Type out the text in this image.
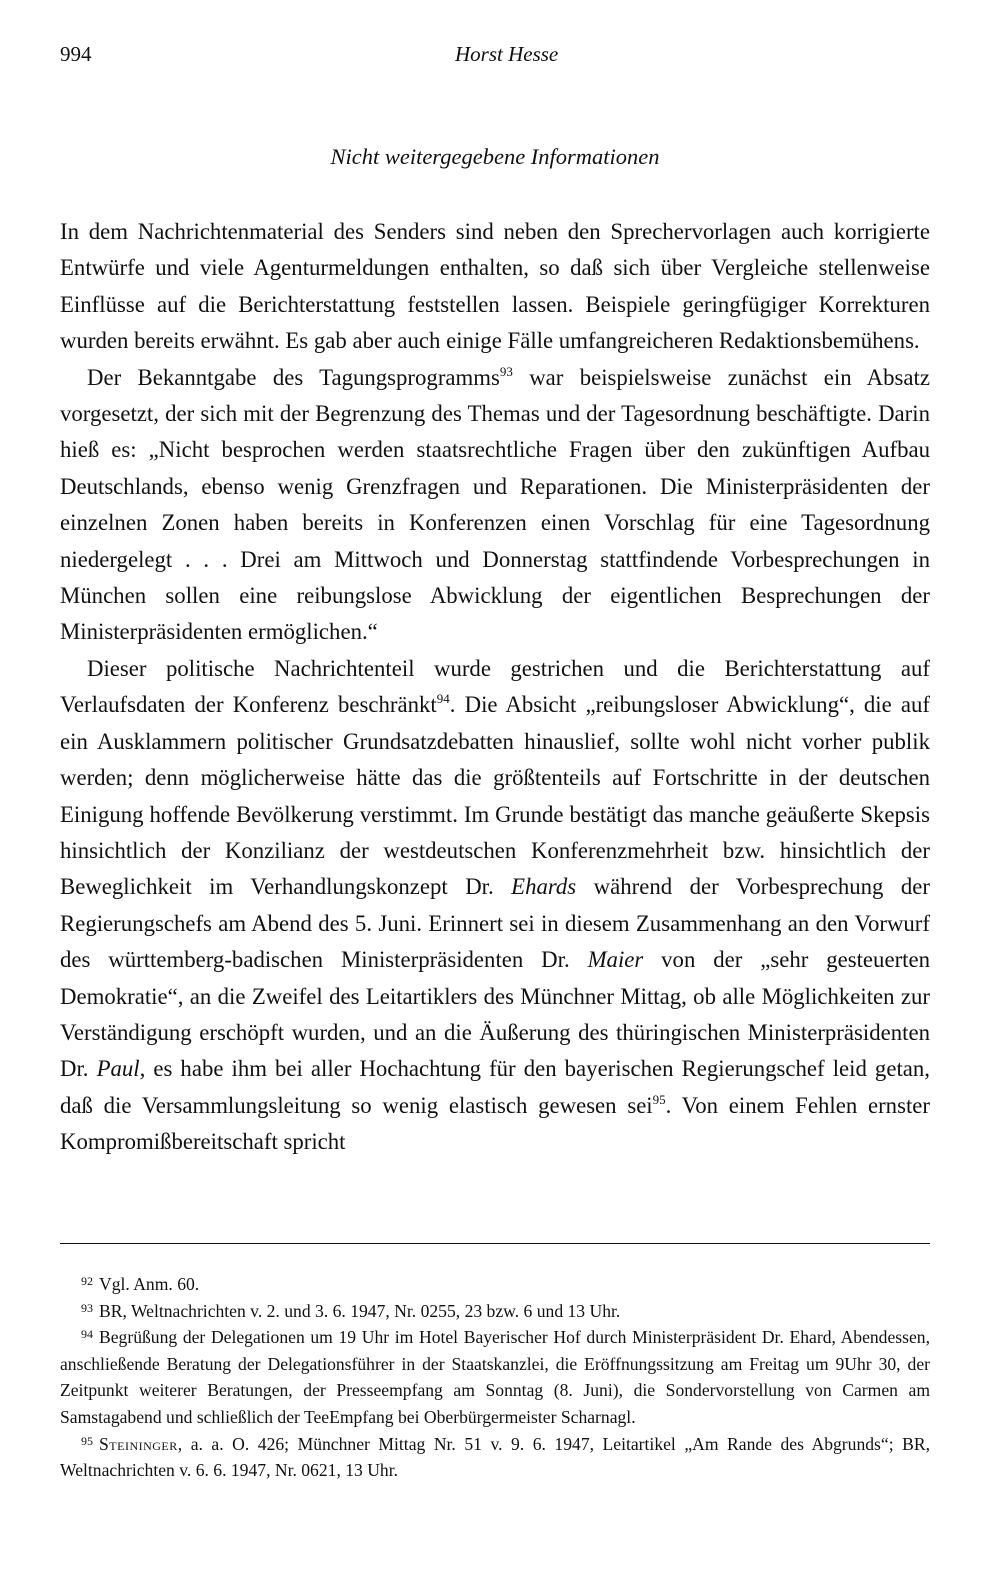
994	Horst Hesse
Nicht weitergegebene Informationen

In dem Nachrichtenmaterial des Senders sind neben den Sprechervorlagen auch korrigierte Entwürfe und viele Agenturmeldungen enthalten, so daß sich über Vergleiche stellenweise Einflüsse auf die Berichterstattung feststellen lassen. Beispiele geringfügiger Korrekturen wurden bereits erwähnt. Es gab aber auch einige Fälle umfangreicheren Redaktionsbemühens.

Der Bekanntgabe des Tagungsprogramms$^{93}$ war beispielsweise zunächst ein Absatz vorgesetzt, der sich mit der Begrenzung des Themas und der Tagesordnung beschäftigte. Darin hieß es: „Nicht besprochen werden staatsrechtliche Fragen über den zukünftigen Aufbau Deutschlands, ebenso wenig Grenzfragen und Reparationen. Die Ministerpräsidenten der einzelnen Zonen haben bereits in Konferenzen einen Vorschlag für eine Tagesordnung niedergelegt . . . Drei am Mittwoch und Donnerstag stattfindende Vorbesprechungen in München sollen eine reibungslose Abwicklung der eigentlichen Besprechungen der Ministerpräsidenten ermöglichen.“

Dieser politische Nachrichtenteil wurde gestrichen und die Berichterstattung auf Verlaufsdaten der Konferenz beschränkt$^{94}$. Die Absicht „reibungsloser Abwicklung“, die auf ein Ausklammern politischer Grundsatzdebatten hinauslief, sollte wohl nicht vorher publik werden; denn möglicherweise hätte das die größtenteils auf Fortschritte in der deutschen Einigung hoffende Bevölkerung verstimmt. Im Grunde bestätigt das manche geäußerte Skepsis hinsichtlich der Konzilianz der westdeutschen Konferenzmehrheit bzw. hinsichtlich der Beweglichkeit im Verhandlungskonzept Dr. Ehards während der Vorbesprechung der Regierungschefs am Abend des 5. Juni. Erinnert sei in diesem Zusammenhang an den Vorwurf des württemberg-badischen Ministerpräsidenten Dr. Maier von der „sehr gesteuerten Demokratie“, an die Zweifel des Leitartiklers des Münchner Mittag, ob alle Möglichkeiten zur Verständigung erschöpft wurden, und an die Äußerung des thüringischen Ministerpräsidenten Dr. Paul, es habe ihm bei aller Hochachtung für den bayerischen Regierungschef leid getan, daß die Versammlungsleitung so wenig elastisch gewesen sei$^{95}$. Von einem Fehlen ernster Kompromißbereitschaft spricht

$^{92}$ Vgl. Anm. 60.

$^{93}$ BR, Weltnachrichten v. 2. und 3. 6. 1947, Nr. 0255, 23 bzw. 6 und 13 Uhr.

$^{94}$ Begrüßung der Delegationen um 19 Uhr im Hotel Bayerischer Hof durch Ministerpräsident Dr. Ehard, Abendessen, anschließende Beratung der Delegationsführer in der Staatskanzlei, die Eröffnungssitzung am Freitag um 9Uhr 30, der Zeitpunkt weiterer Beratungen, der Presseempfang am Sonntag (8. Juni), die Sondervorstellung von Carmen am Samstagabend und schließlich der TeeEmpfang bei Oberbürgermeister Scharnagl.

$^{95}$ Steininger, a. a. O. 426; Münchner Mittag Nr. 51 v. 9. 6. 1947, Leitartikel „Am Rande des Abgrunds“; BR, Weltnachrichten v. 6. 6. 1947, Nr. 0621, 13 Uhr.
